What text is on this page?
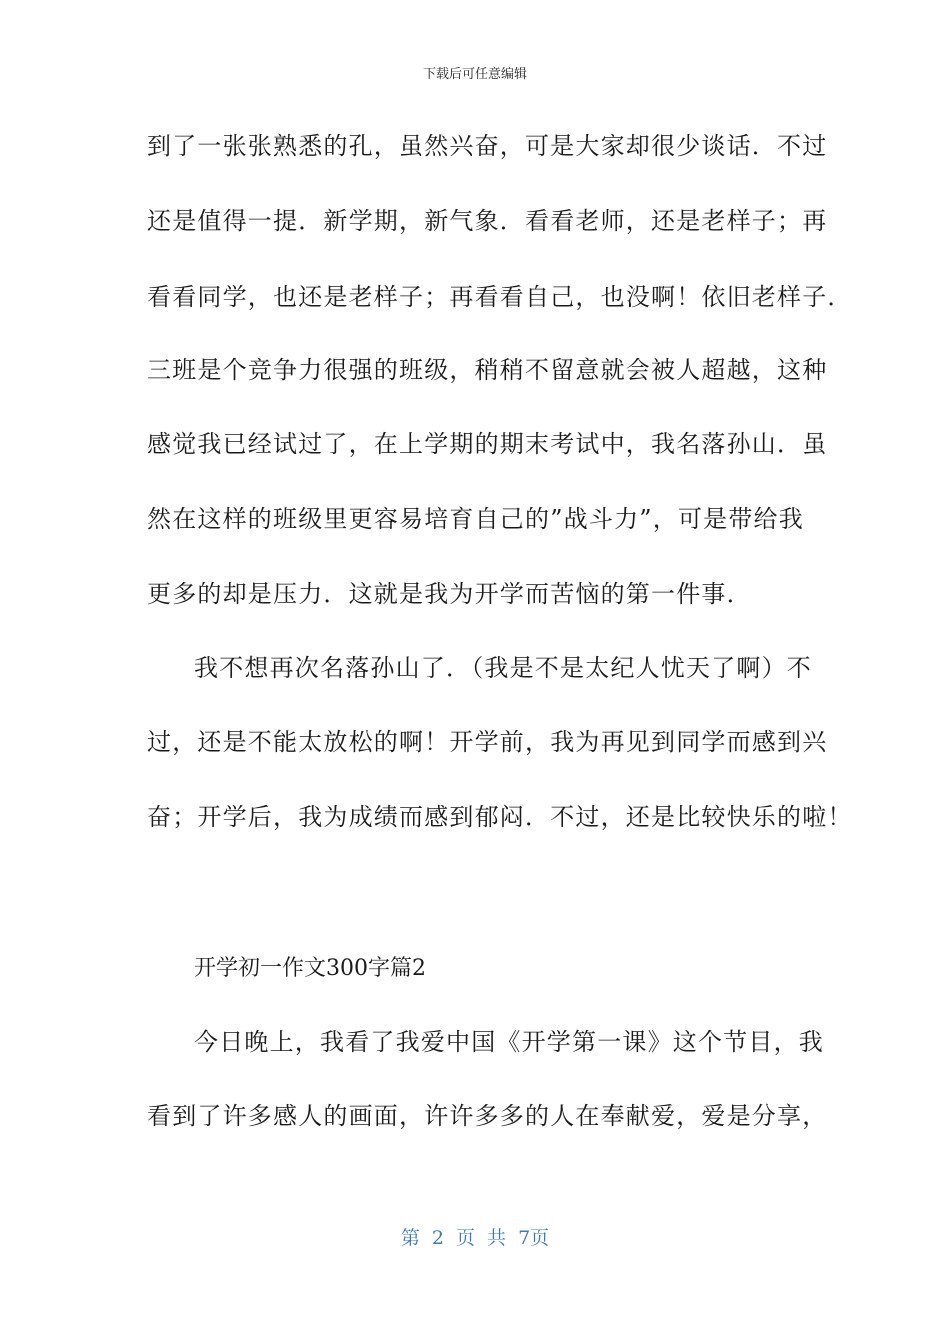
下载后可任意编辑
到了一张张熟悉的孔，虽然兴奋，可是大家却很少谈话．不过
还是值得一提．新学期，新气象．看看老师，还是老样子；再
看看同学，也还是老样子；再看看自己，也没啊！依旧老样子．
三班是个竞争力很强的班级，稍稍不留意就会被人超越，这种
感觉我已经试过了，在上学期的期末考试中，我名落孙山．虽
然在这样的班级里更容易培育自己的”战斗力”，可是带给我
更多的却是压力．这就是我为开学而苦恼的第一件事．
我不想再次名落孙山了．（我是不是太纪人忧天了啊）不
过，还是不能太放松的啊！开学前，我为再见到同学而感到兴
奋；开学后，我为成绩而感到郁闷．不过，还是比较快乐的啦！
开学初一作文300字篇2
今日晚上，我看了我爱中国《开学第一课》这个节目，我
看到了许多感人的画面，许许多多的人在奉献爱，爱是分享，
第 2 页 共 7页
